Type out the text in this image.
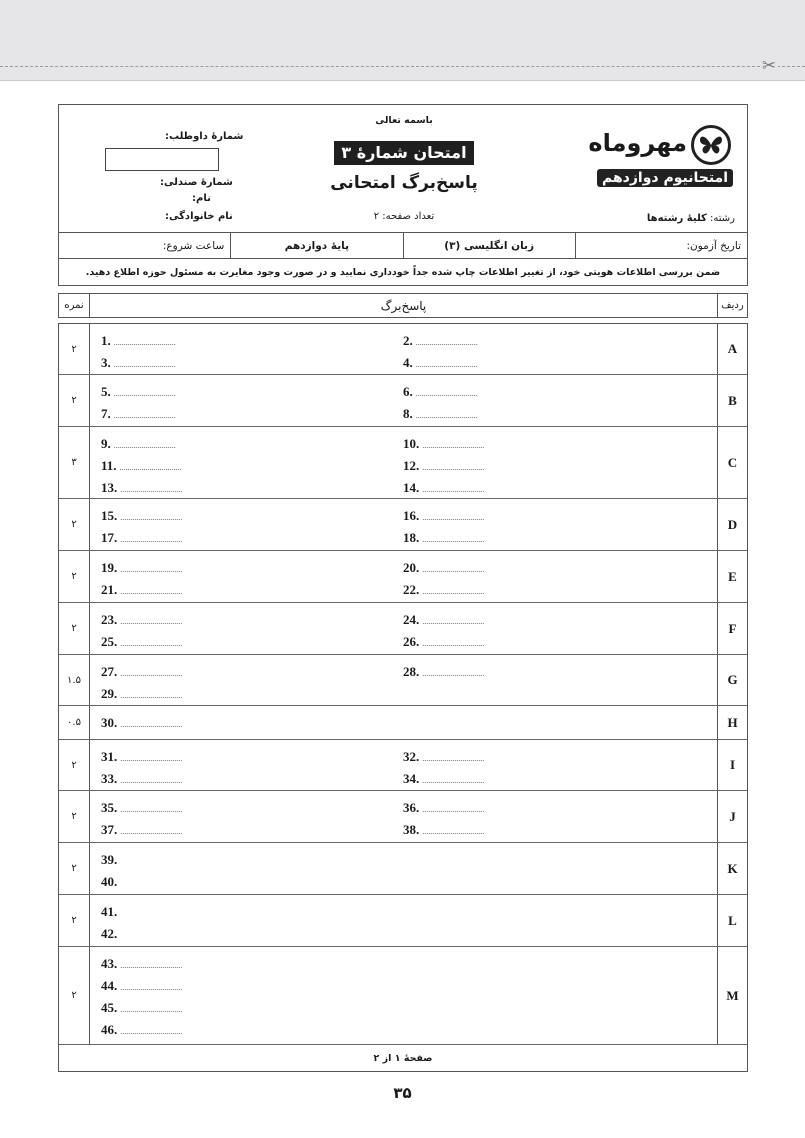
✂
مهروماه
امتحانیوم دوازدهم
رشته: کلیهٔ رشته‌ها
باسمه تعالی
امتحان شمارهٔ ۳
پاسخ‌برگ امتحانی
تعداد صفحه: ۲
شمارهٔ داوطلب:
شمارهٔ صندلی:
نام:
نام خانوادگی:
تاریخ آزمون:
زبان انگلیسی (۳)
پایهٔ دوازدهم
ساعت شروع:
ضمن بررسی اطلاعات هویتی خود، از تغییر اطلاعات چاپ شده جداً خودداری نمایید و در صورت وجود مغایرت به مسئول حوزه اطلاع دهید.
نمره	پاسخ‌برگ	ردیف
صفحهٔ ۱ از ۲
۲	A
1. ...............................	2. ...............................
3. ...............................	4. ...............................
۲	B
5. ...............................	6. ...............................
7. ...............................	8. ...............................
۳	C
9. ...............................	10. ...............................
11. ...............................	12. ...............................
13. ...............................	14. ...............................
۲	D
15. ...............................	16. ...............................
17. ...............................	18. ...............................
۲	E
19. ...............................	20. ...............................
21. ...............................	22. ...............................
۲	F
23. ...............................	24. ...............................
25. ...............................	26. ...............................
۱.۵	G
27. ...............................	28. ...............................
29. ...............................
۰.۵	H
30. ...............................
۲	I
31. ...............................	32. ...............................
33. ...............................	34. ...............................
۲	J
35. ...............................	36. ...............................
37. ...............................	38. ...............................
۲	K
39.
40.
۲	L
41.
42.
۲	M
43. ...............................
44. ...............................
45. ...............................
46. ...............................
۳۵
